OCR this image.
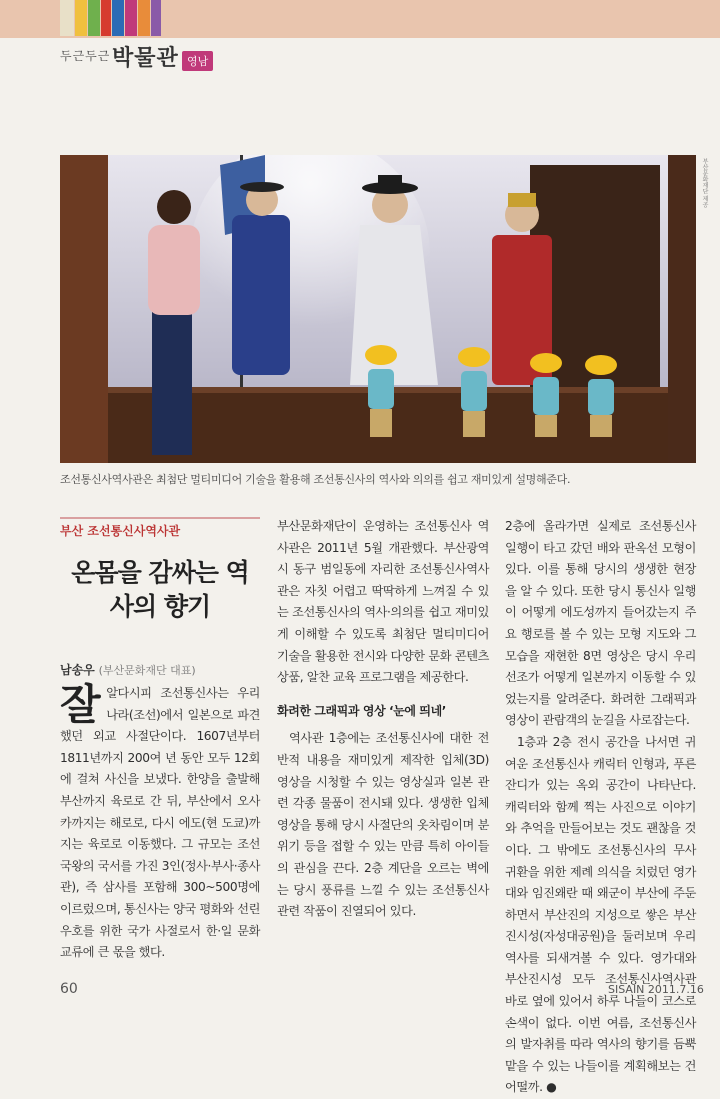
두근두근 박물관 영남
부산문화재단 제공
조선통신사역사관은 최첨단 멀티미디어 기술을 활용해 조선통신사의 역사와 의의를 쉽고 재미있게 설명해준다.
부산 조선통신사역사관
온몸을 감싸는 역사의 향기
남송우 (부산문화재단 대표)

잘알다시피 조선통신사는 우리나라(조선)에서 일본으로 파견했던 외교 사절단이다. 1607년부터 1811년까지 200여 년 동안 모두 12회에 걸쳐 사신을 보냈다. 한양을 출발해 부산까지 육로로 간 뒤, 부산에서 오사카까지는 해로로, 다시 에도(현 도쿄)까지는 육로로 이동했다. 그 규모는 조선 국왕의 국서를 가진 3인(정사·부사·종사관), 즉 삼사를 포함해 300~500명에 이르렀으며, 통신사는 양국 평화와 선린우호를 위한 국가 사절로서 한·일 문화 교류에 큰 몫을 했다.

부산문화재단이 운영하는 조선통신사 역사관은 2011년 5월 개관했다. 부산광역시 동구 범일동에 자리한 조선통신사역사관은 자칫 어렵고 딱딱하게 느껴질 수 있는 조선통신사의 역사·의의를 쉽고 재미있게 이해할 수 있도록 최첨단 멀티미디어 기술을 활용한 전시와 다양한 문화 콘텐츠 상품, 알찬 교육 프로그램을 제공한다.

화려한 그래픽과 영상 ‘눈에 띄네’

역사관 1층에는 조선통신사에 대한 전반적 내용을 재미있게 제작한 입체(3D) 영상을 시청할 수 있는 영상실과 일본 관련 각종 물품이 전시돼 있다. 생생한 입체 영상을 통해 당시 사절단의 옷차림이며 분위기 등을 접할 수 있는 만큼 특히 아이들의 관심을 끈다. 2층 계단을 오르는 벽에는 당시 풍류를 느낄 수 있는 조선통신사 관련 작품이 진열되어 있다.

2층에 올라가면 실제로 조선통신사 일행이 타고 갔던 배와 판옥선 모형이 있다. 이를 통해 당시의 생생한 현장을 알 수 있다. 또한 당시 통신사 일행이 어떻게 에도성까지 들어갔는지 주요 행로를 볼 수 있는 모형 지도와 그 모습을 재현한 8면 영상은 당시 우리 선조가 어떻게 일본까지 이동할 수 있었는지를 알려준다. 화려한 그래픽과 영상이 관람객의 눈길을 사로잡는다.

1층과 2층 전시 공간을 나서면 귀여운 조선통신사 캐릭터 인형과, 푸른 잔디가 있는 옥외 공간이 나타난다. 캐릭터와 함께 찍는 사진으로 이야기와 추억을 만들어보는 것도 괜찮을 것이다. 그 밖에도 조선통신사의 무사 귀환을 위한 제례 의식을 치렀던 영가대와 임진왜란 때 왜군이 부산에 주둔하면서 부산진의 지성으로 쌓은 부산진시성(자성대공원)을 둘러보며 우리 역사를 되새겨볼 수 있다. 영가대와 부산진시성 모두 조선통신사역사관 바로 옆에 있어서 하루 나들이 코스로 손색이 없다. 이번 여름, 조선통신사의 발자취를 따라 역사의 향기를 듬뿍 맡을 수 있는 나들이를 계획해보는 건 어떨까. ●

60	SISAIN 2011.7.16
